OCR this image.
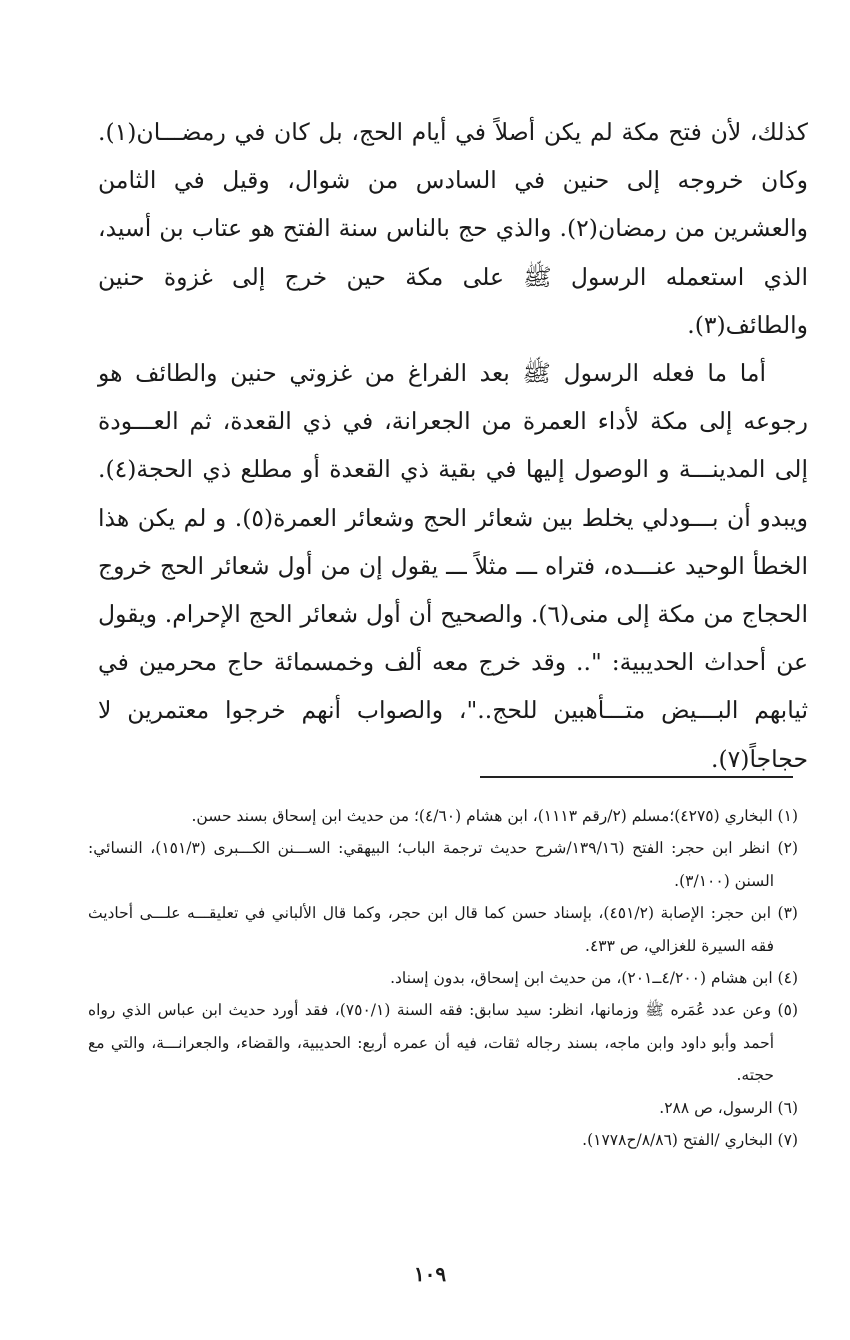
كذلك، لأن فتح مكة لم يكن أصلاً في أيام الحج، بل كان في رمضـــان(١). وكان خروجه إلى حنين في السادس من شوال، وقيل في الثامن والعشرين من رمضان(٢). والذي حج بالناس سنة الفتح هو عتاب بن أسيد، الذي استعمله الرسول ﷺ على مكة حين خرج إلى غزوة حنين والطائف(٣).

أما ما فعله الرسول ﷺ بعد الفراغ من غزوتي حنين والطائف هو رجوعه إلى مكة لأداء العمرة من الجعرانة، في ذي القعدة، ثم العـــودة إلى المدينـــة و الوصول إليها في بقية ذي القعدة أو مطلع ذي الحجة(٤). ويبدو أن بـــودلي يخلط بين شعائر الحج وشعائر العمرة(٥). و لم يكن هذا الخطأ الوحيد عنـــده، فتراه ـــ مثلاً ـــ يقول إن من أول شعائر الحج خروج الحجاج من مكة إلى منى(٦). والصحيح أن أول شعائر الحج الإحرام. ويقول عن أحداث الحديبية: ".. وقد خرج معه ألف وخمسمائة حاج محرمين في ثيابهم البـــيض متـــأهبين للحج.."، والصواب أنهم خرجوا معتمرين لا حجاجاً(٧).

(١) البخاري (٤٢٧٥)؛مسلم (٢/رقم ١١١٣)، ابن هشام (٤/٦٠)؛ من حديث ابن إسحاق بسند حسن.

(٢) انظر ابن حجر: الفتح (١٣٩/١٦/شرح حديث ترجمة الباب؛ البيهقي: الســـنن الكـــبرى (١٥١/٣)، النسائي: السنن (٣/١٠٠).

(٣) ابن حجر: الإصابة (٤٥١/٢)، بإسناد حسن كما قال ابن حجر، وكما قال الألباني في تعليقـــه علـــى أحاديث فقه السيرة للغزالي، ص ٤٣٣.

(٤) ابن هشام (٤/٢٠٠ــ٢٠١)، من حديث ابن إسحاق، بدون إسناد.

(٥) وعن عدد عُمَره ﷺ وزمانها، انظر: سيد سابق: فقه السنة (٧٥٠/١)، فقد أورد حديث ابن عباس الذي رواه أحمد وأبو داود وابن ماجه، بسند رجاله ثقات، فيه أن عمره أربع: الحديبية، والقضاء، والجعرانـــة، والتي مع حجته.

(٦) الرسول، ص ٢٨٨.

(٧) البخاري /الفتح (٨/٨٦/ح١٧٧٨).

١٠٩
